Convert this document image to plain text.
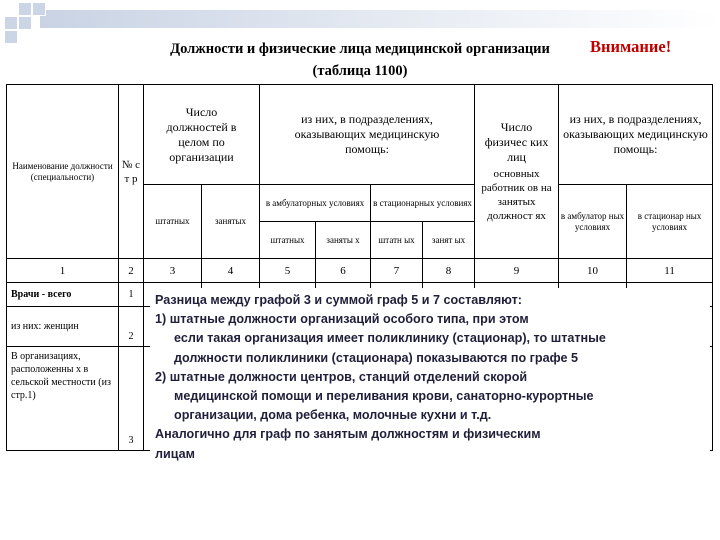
Должности и физические лица медицинской организации
(таблица 1100)
Внимание!
Наименование должности (специальности)	№ с т р	Число должностей в целом по организации		из них, в подразделениях, оказывающих медицинскую помощь:				Число физичес ких лиц
основных работник ов на занятых должност ях	из них, в подразделениях, оказывающих медицинскую помощь:	
		штатных	занятых	в амбулаторных условиях		в стационарных условиях			в амбулатор ных условиях	в стационар ных условиях
				штатных	заняты х	штатн ых	занят ых			
1	2	3	4	5	6	7	8	9	10	11
Врачи - всего	1									
из них: женщин	2									
В организациях, расположенны х в сельской местности (из стр.1)	3									
Разница между графой 3 и суммой граф 5 и 7 составляют:
1) штатные должности организаций особого типа, при этом
если такая организация имеет поликлинику (стационар), то штатные
должности поликлиники (стационара) показываются по графе 5
2) штатные должности центров, станций отделений скорой
медицинской помощи и переливания крови, санаторно-курортные
организации, дома ребенка, молочные кухни и т.д.
Аналогично для граф по занятым должностям и физическим
лицам
